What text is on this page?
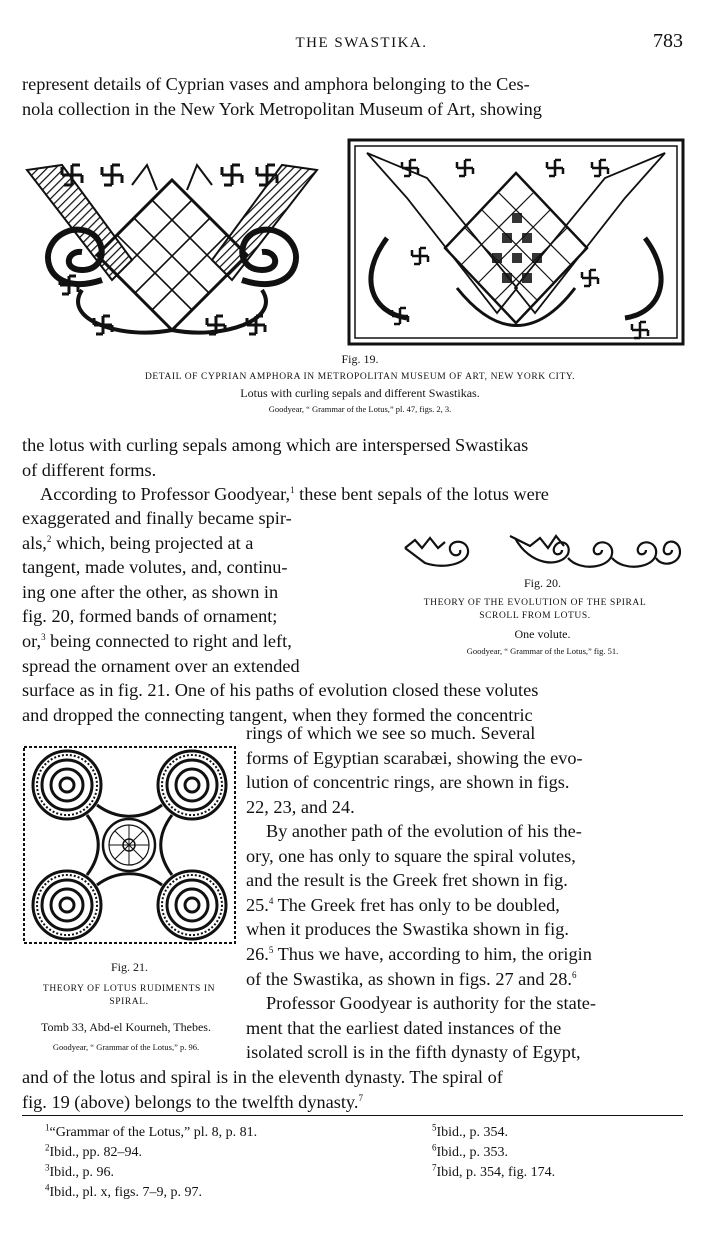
THE SWASTIKA.	783

represent details of Cyprian vases and amphora belonging to the Ces-

nola collection in the New York Metropolitan Museum of Art, showing

Fig. 19.
DETAIL OF CYPRIAN AMPHORA IN METROPOLITAN MUSEUM OF ART, NEW YORK CITY.
Lotus with curling sepals and different Swastikas.
Goodyear, “ Grammar of the Lotus,” pl. 47, figs. 2, 3.

the lotus with curling sepals among which are interspersed Swastikas

of different forms.

According to Professor Goodyear,$^1$ these bent sepals of the lotus were

exaggerated and finally became spir-

als,$^2$ which, being projected at a

tangent, made volutes, and, continu-

ing one after the other, as shown in

fig. 20, formed bands of ornament;

or,$^3$ being connected to right and left,

spread the ornament over an extended

Fig. 20.
THEORY OF THE EVOLUTION OF THE SPIRAL
SCROLL FROM LOTUS.
One volute.
Goodyear, “ Grammar of the Lotus,” fig. 51.

surface as in fig. 21. One of his paths of evolution closed these volutes

and dropped the connecting tangent, when they formed the concentric

Fig. 21.
THEORY OF LOTUS RUDIMENTS IN
SPIRAL.
Tomb 33, Abd-el Kourneh, Thebes.
Goodyear, “ Grammar of the Lotus,” p. 96.

rings of which we see so much. Several

forms of Egyptian scarabæi, showing the evo-

lution of concentric rings, are shown in figs.

22, 23, and 24.

By another path of the evolution of his the-

ory, one has only to square the spiral volutes,

and the result is the Greek fret shown in fig.

25.$^4$ The Greek fret has only to be doubled,

when it produces the Swastika shown in fig.

26.$^5$ Thus we have, according to him, the origin

of the Swastika, as shown in figs. 27 and 28.$^6$

Professor Goodyear is authority for the state-

ment that the earliest dated instances of the

isolated scroll is in the fifth dynasty of Egypt,

and of the lotus and spiral is in the eleventh dynasty. The spiral of

fig. 19 (above) belongs to the twelfth dynasty.$^7$

$^1$“Grammar of the Lotus,” pl. 8, p. 81.
$^2$Ibid., pp. 82–94.
$^3$Ibid., p. 96.
$^4$Ibid., pl. x, figs. 7–9, p. 97.
$^5$Ibid., p. 354.
$^6$Ibid., p. 353.
$^7$Ibid, p. 354, fig. 174.
